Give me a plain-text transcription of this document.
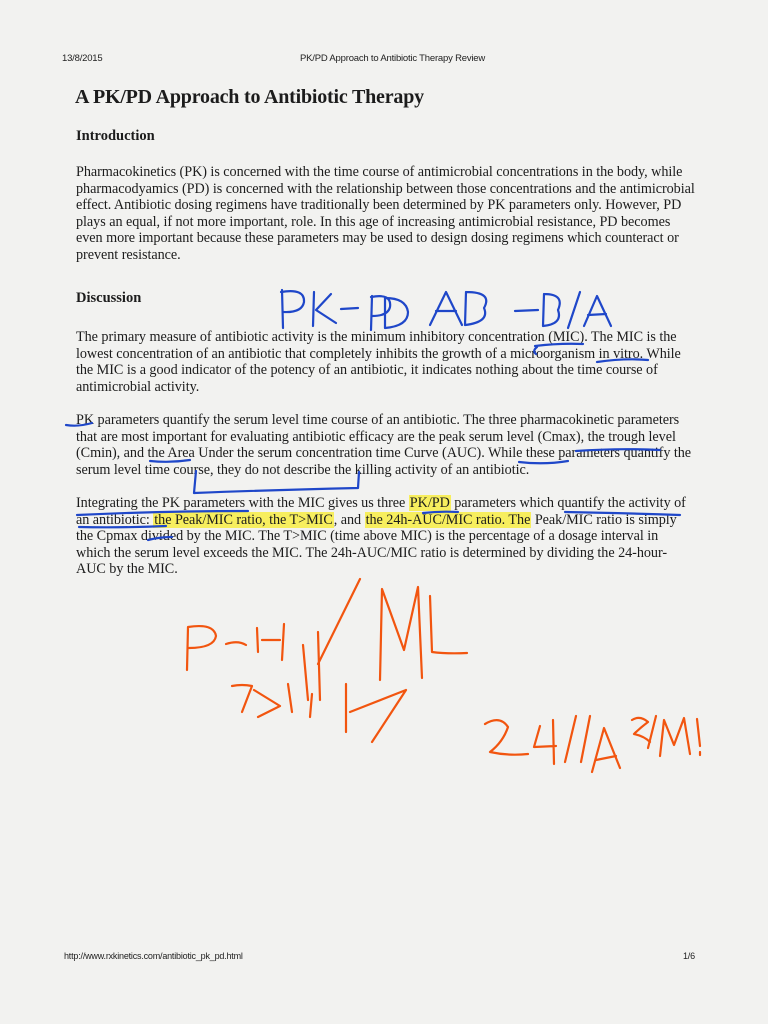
13/8/2015	PK/PD Approach to Antibiotic Therapy Review
A PK/PD Approach to Antibiotic Therapy
Introduction

Pharmacokinetics (PK) is concerned with the time course of antimicrobial concentrations in the body, while pharmacodyamics (PD) is concerned with the relationship between those concentrations and the antimicrobial effect. Antibiotic dosing regimens have traditionally been determined by PK parameters only. However, PD plays an equal, if not more important, role. In this age of increasing antimicrobial resistance, PD becomes even more important because these parameters may be used to design dosing regimens which counteract or prevent resistance.

Discussion

The primary measure of antibiotic activity is the minimum inhibitory concentration (MIC). The MIC is the lowest concentration of an antibiotic that completely inhibits the growth of a microorganism in vitro. While the MIC is a good indicator of the potency of an antibiotic, it indicates nothing about the time course of antimicrobial activity.

PK parameters quantify the serum level time course of an antibiotic. The three pharmacokinetic parameters that are most important for evaluating antibiotic efficacy are the peak serum level (Cmax), the trough level (Cmin), and the Area Under the serum concentration time Curve (AUC). While these parameters quantify the serum level time course, they do not describe the killing activity of an antibiotic.

Integrating the PK parameters with the MIC gives us three PK/PD parameters which quantify the activity of an antibiotic: the Peak/MIC ratio, the T>MIC, and the 24h-AUC/MIC ratio. The Peak/MIC ratio is simply the Cpmax divided by the MIC. The T>MIC (time above MIC) is the percentage of a dosage interval in which the serum level exceeds the MIC. The 24h-AUC/MIC ratio is determined by dividing the 24-hour-AUC by the MIC.

http://www.rxkinetics.com/antibiotic_pk_pd.html	1/6
